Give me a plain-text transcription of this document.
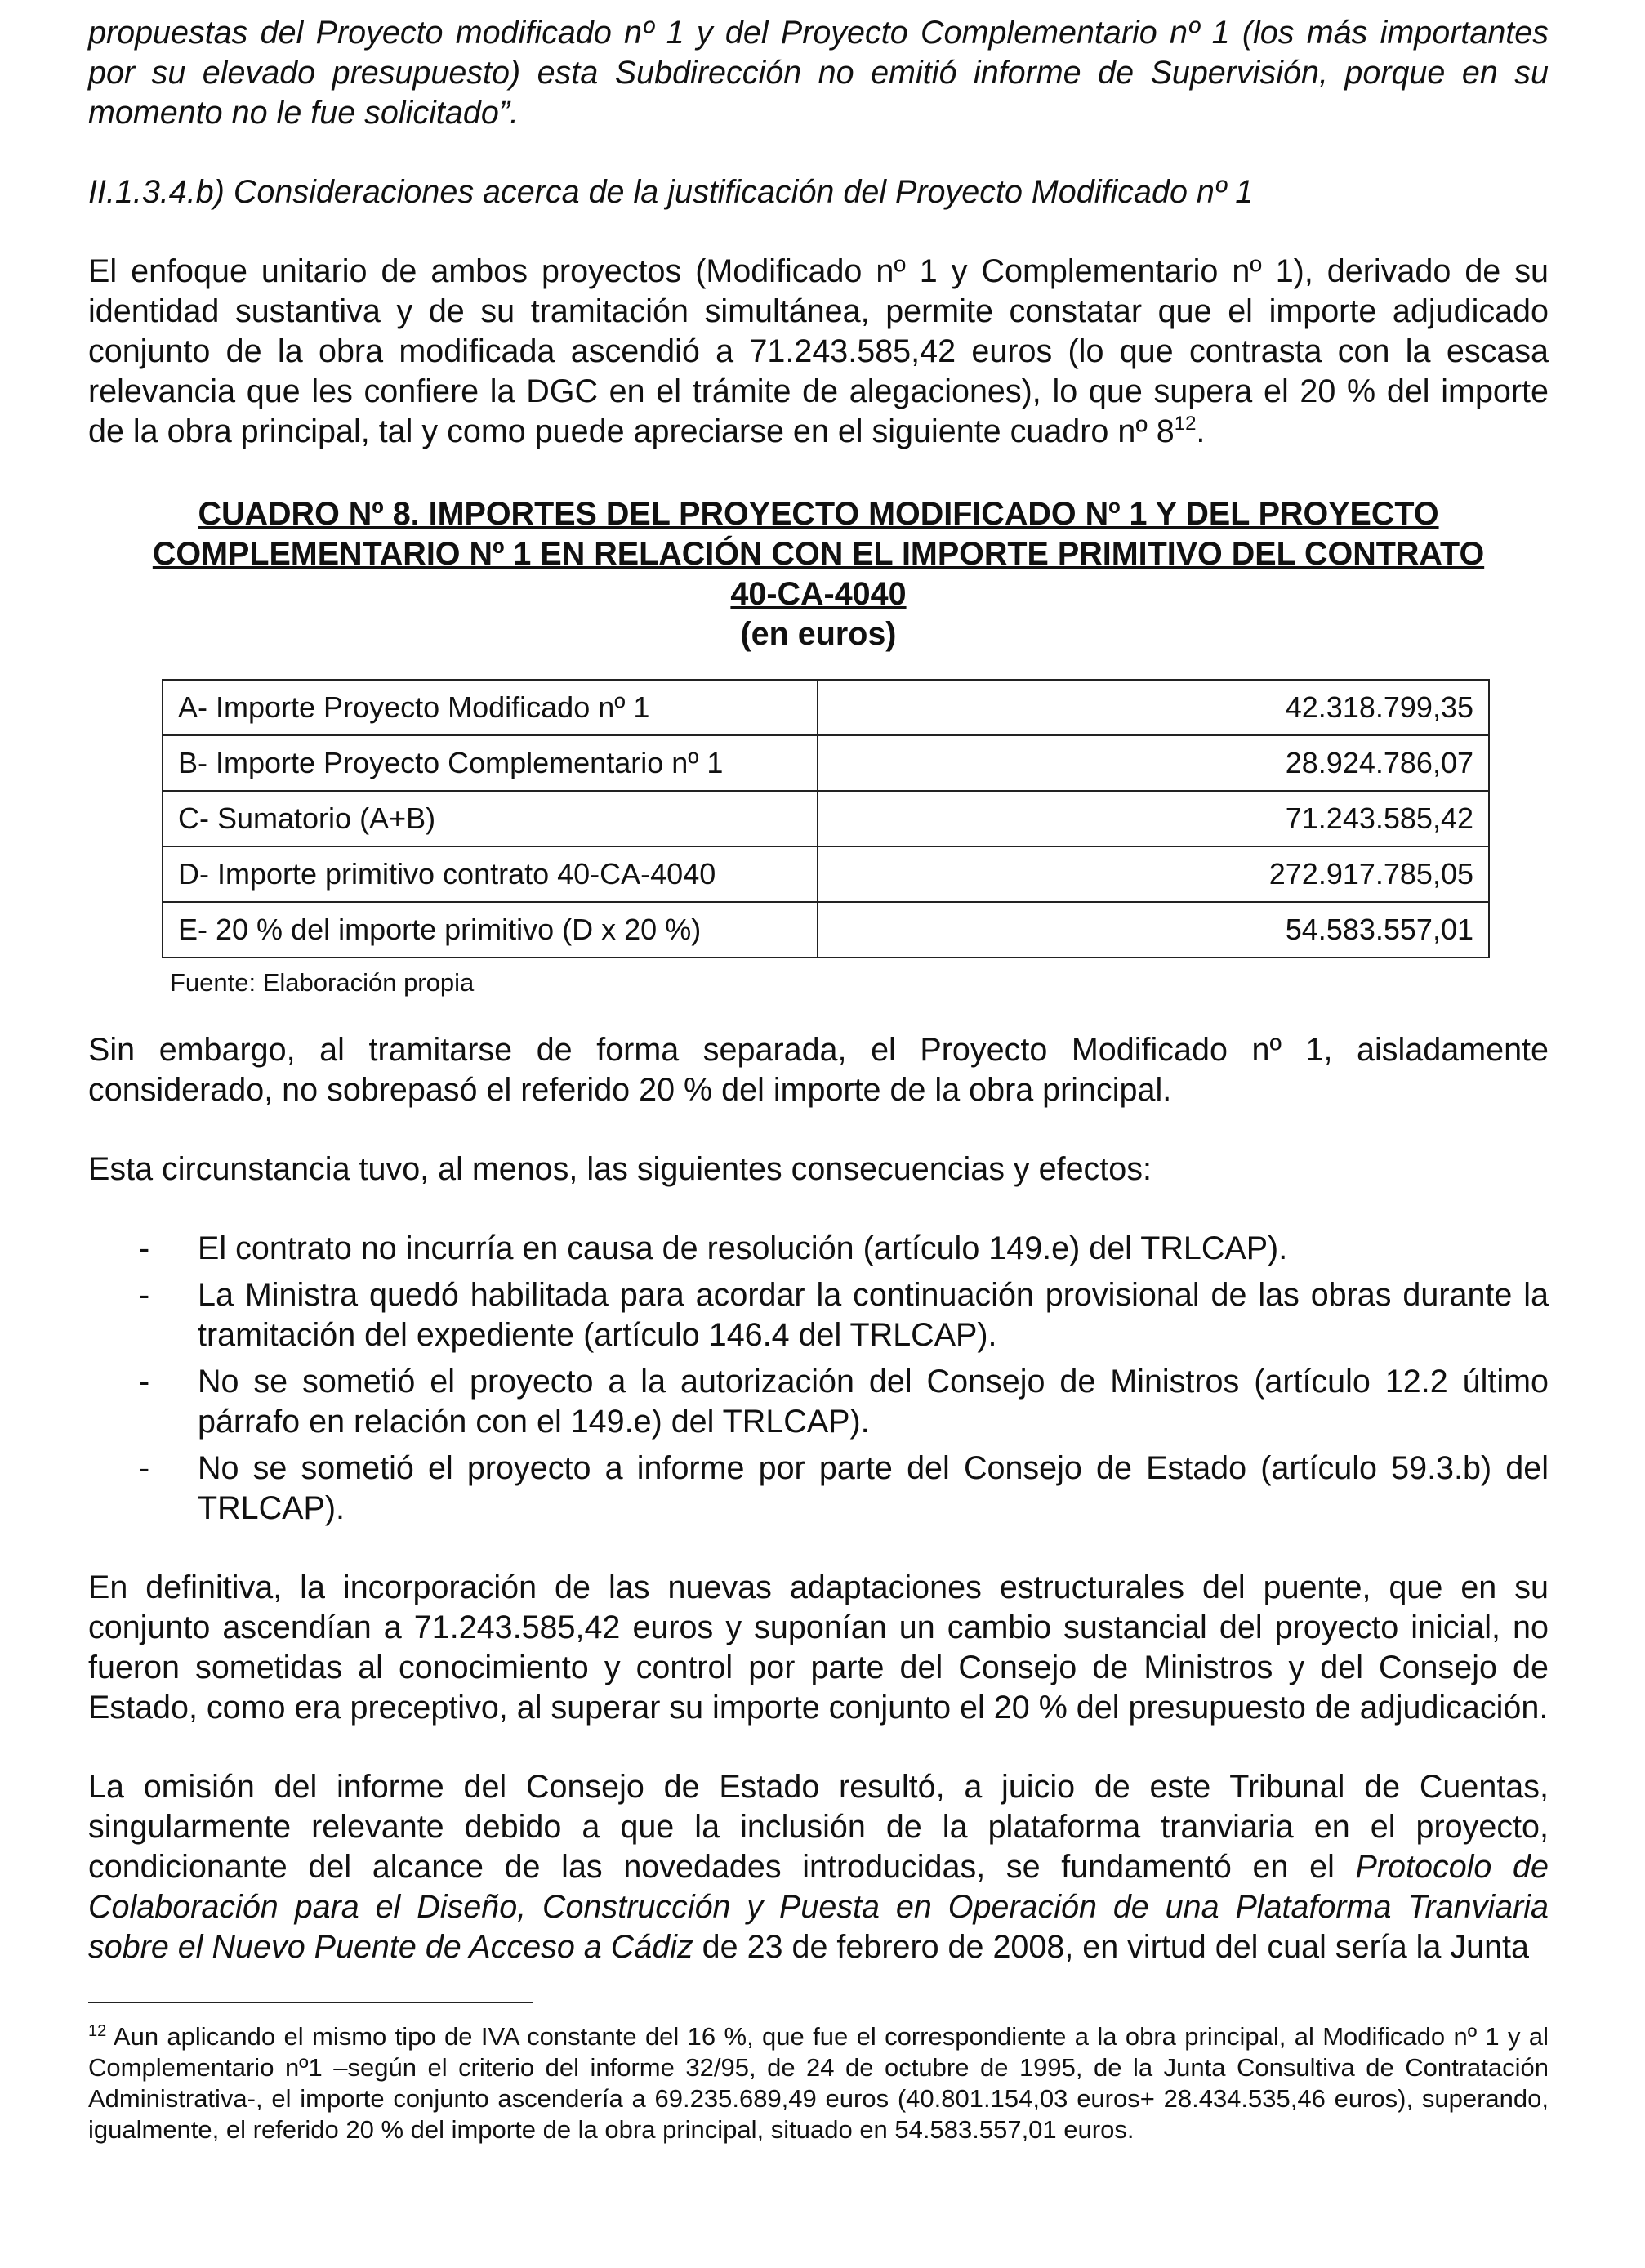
propuestas del Proyecto modificado nº 1 y del Proyecto Complementario nº 1 (los más importantes por su elevado presupuesto) esta Subdirección no emitió informe de Supervisión, porque en su momento no le fue solicitado”.

II.1.3.4.b) Consideraciones acerca de la justificación del Proyecto Modificado nº 1

El enfoque unitario de ambos proyectos (Modificado nº 1 y Complementario nº 1), derivado de su identidad sustantiva y de su tramitación simultánea, permite constatar que el importe adjudicado conjunto de la obra modificada ascendió a 71.243.585,42 euros (lo que contrasta con la escasa relevancia que les confiere la DGC en el trámite de alegaciones), lo que supera el 20 % del importe de la obra principal, tal y como puede apreciarse en el siguiente cuadro nº $8^{12}$.

CUADRO Nº 8. IMPORTES DEL PROYECTO MODIFICADO Nº 1 Y DEL PROYECTO
COMPLEMENTARIO Nº 1 EN RELACIÓN CON EL IMPORTE PRIMITIVO DEL CONTRATO
40-CA-4040
(en euros)
A- Importe Proyecto Modificado nº 1	42.318.799,35
B- Importe Proyecto Complementario nº 1	28.924.786,07
C- Sumatorio (A+B)	71.243.585,42
D- Importe primitivo contrato 40-CA-4040	272.917.785,05
E- 20 % del importe primitivo (D x 20 %)	54.583.557,01
Fuente: Elaboración propia

Sin embargo, al tramitarse de forma separada, el Proyecto Modificado nº 1, aisladamente considerado, no sobrepasó el referido 20 % del importe de la obra principal.

Esta circunstancia tuvo, al menos, las siguientes consecuencias y efectos:

- El contrato no incurría en causa de resolución (artículo 149.e) del TRLCAP).
- La Ministra quedó habilitada para acordar la continuación provisional de las obras durante la tramitación del expediente (artículo 146.4 del TRLCAP).
- No se sometió el proyecto a la autorización del Consejo de Ministros (artículo 12.2 último párrafo en relación con el 149.e) del TRLCAP).
- No se sometió el proyecto a informe por parte del Consejo de Estado (artículo 59.3.b) del TRLCAP).

En definitiva, la incorporación de las nuevas adaptaciones estructurales del puente, que en su conjunto ascendían a 71.243.585,42 euros y suponían un cambio sustancial del proyecto inicial, no fueron sometidas al conocimiento y control por parte del Consejo de Ministros y del Consejo de Estado, como era preceptivo, al superar su importe conjunto el 20 % del presupuesto de adjudicación.

La omisión del informe del Consejo de Estado resultó, a juicio de este Tribunal de Cuentas, singularmente relevante debido a que la inclusión de la plataforma tranviaria en el proyecto, condicionante del alcance de las novedades introducidas, se fundamentó en el Protocolo de Colaboración para el Diseño, Construcción y Puesta en Operación de una Plataforma Tranviaria sobre el Nuevo Puente de Acceso a Cádiz de 23 de febrero de 2008, en virtud del cual sería la Junta

$^{12}$ Aun aplicando el mismo tipo de IVA constante del 16 %, que fue el correspondiente a la obra principal, al Modificado nº 1 y al Complementario nº1 –según el criterio del informe 32/95, de 24 de octubre de 1995, de la Junta Consultiva de Contratación Administrativa-, el importe conjunto ascendería a 69.235.689,49 euros (40.801.154,03 euros+ 28.434.535,46 euros), superando, igualmente, el referido 20 % del importe de la obra principal, situado en 54.583.557,01 euros.
